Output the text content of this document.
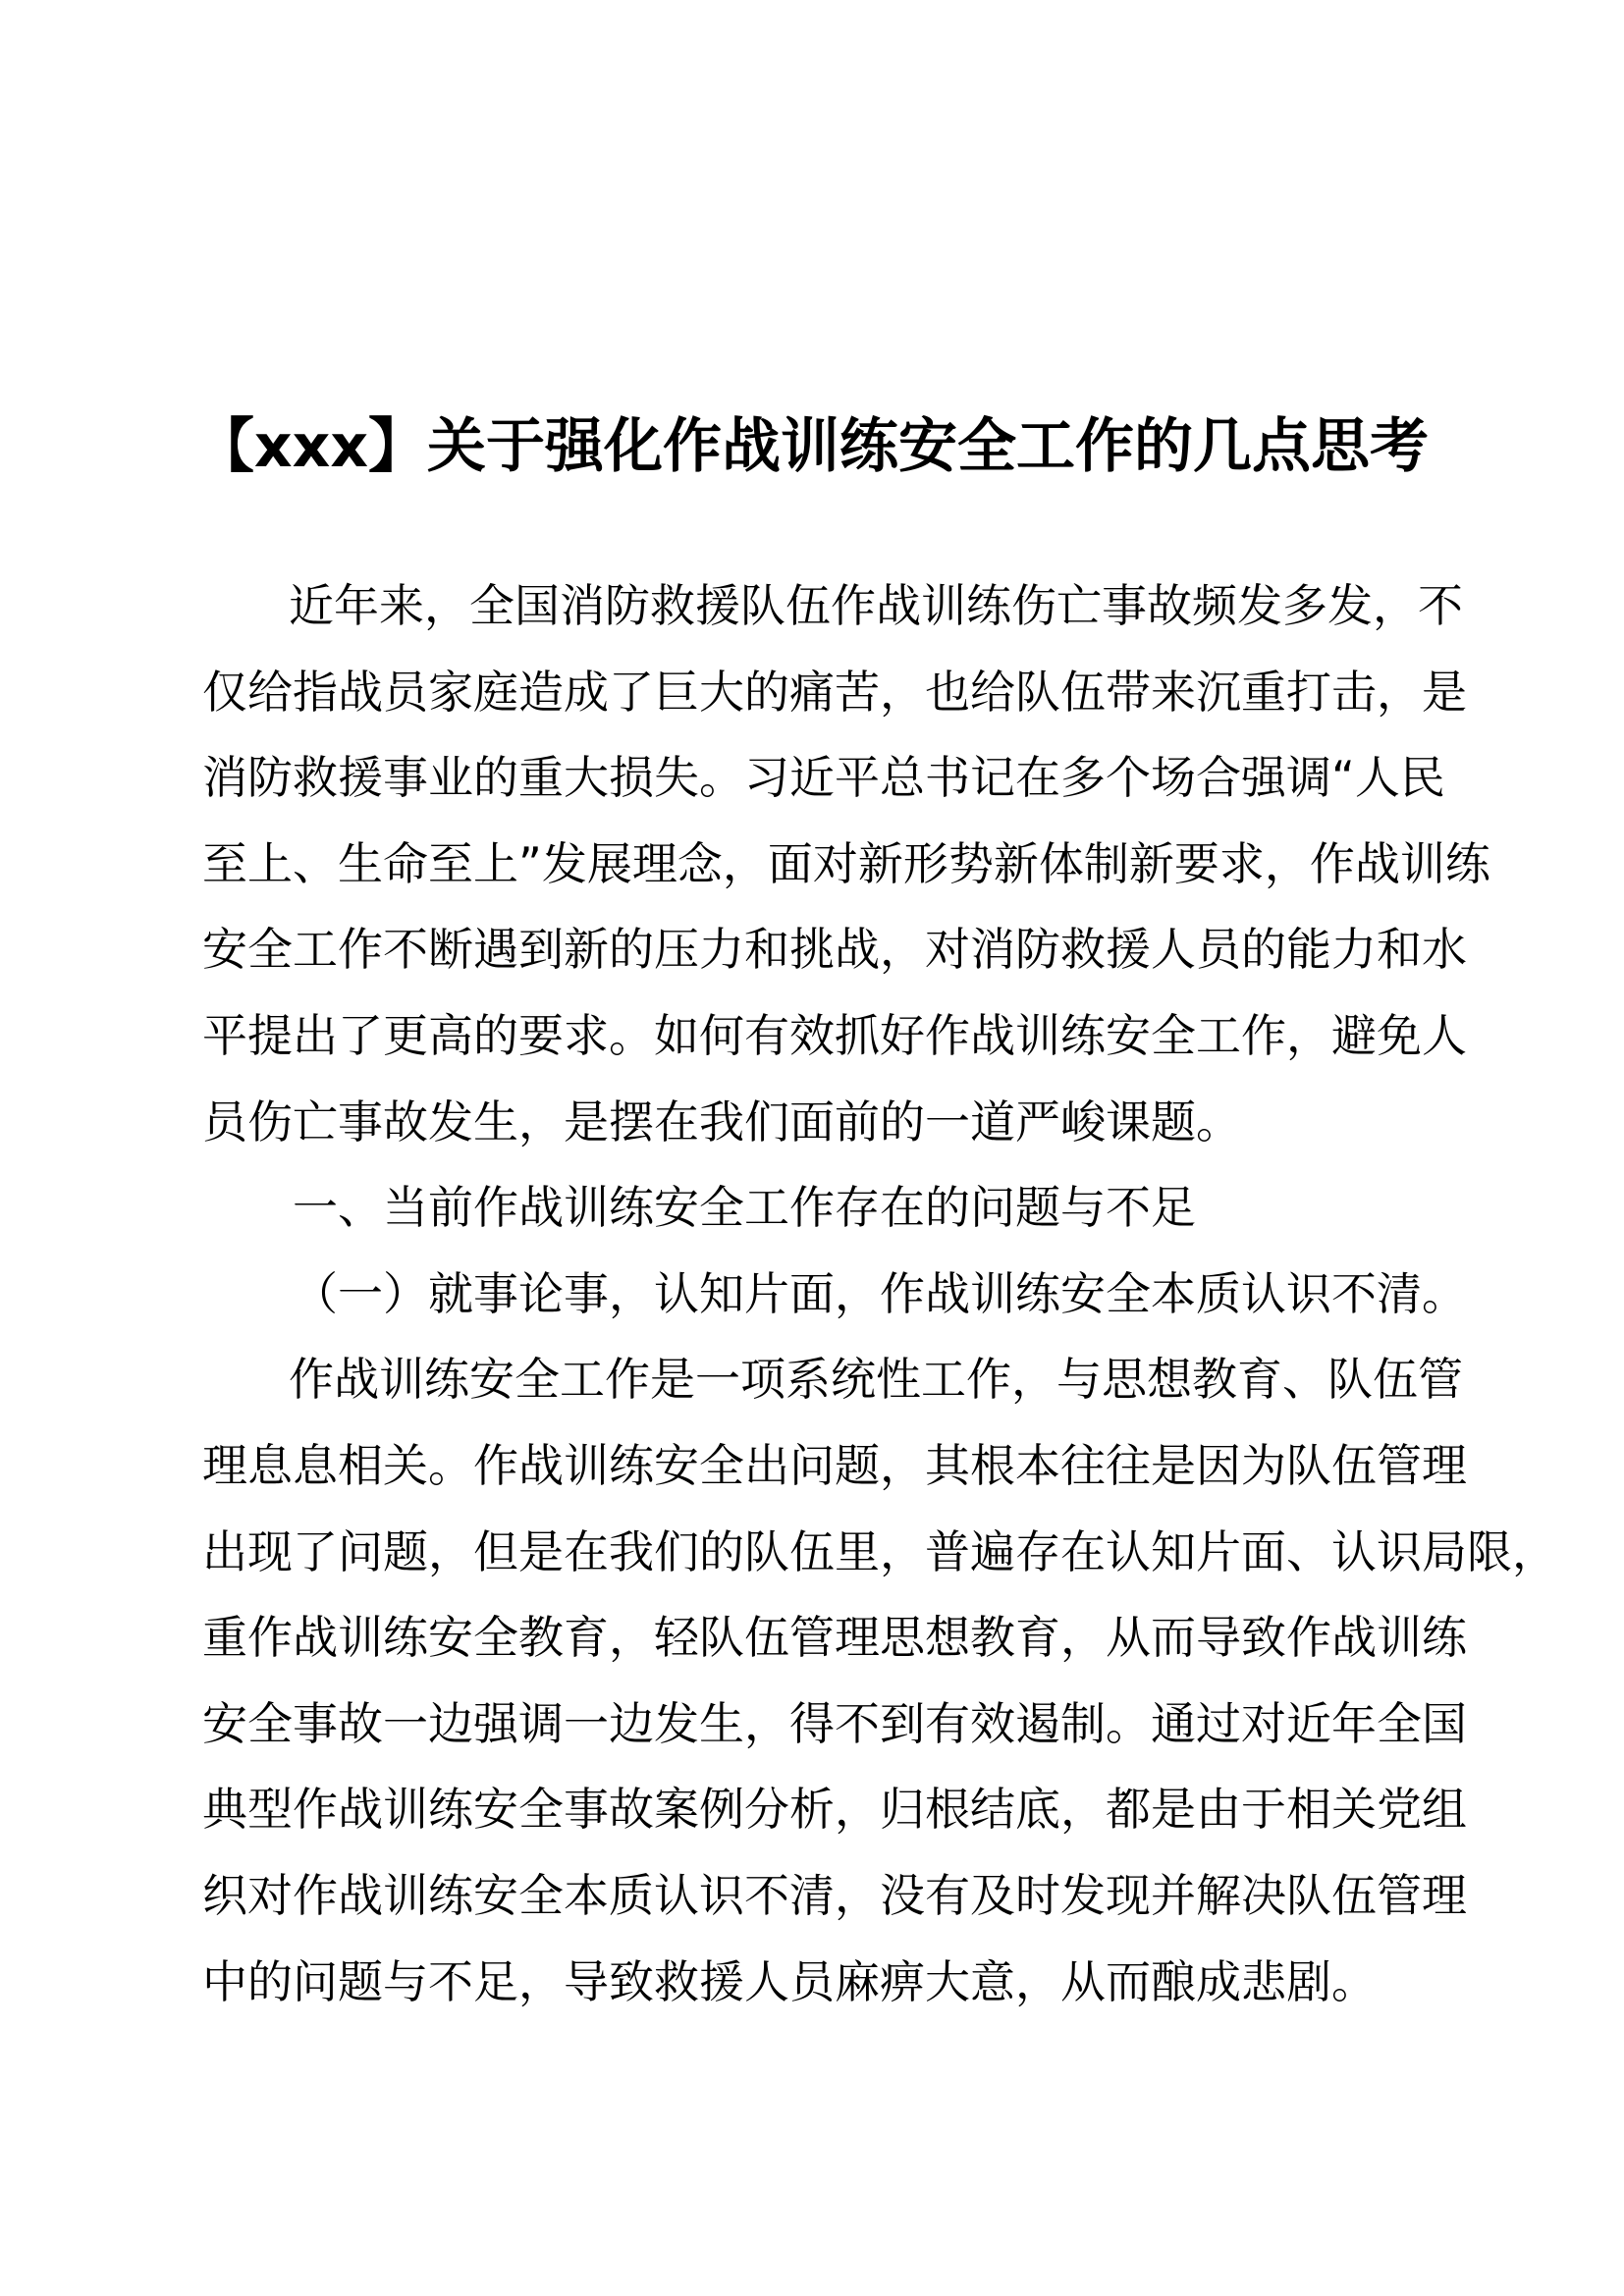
【xxx】关于强化作战训练安全工作的几点思考
近年来，全国消防救援队伍作战训练伤亡事故频发多发，不
仅给指战员家庭造成了巨大的痛苦，也给队伍带来沉重打击，是
消防救援事业的重大损失。习近平总书记在多个场合强调“人民
至上、生命至上”发展理念，面对新形势新体制新要求，作战训练
安全工作不断遇到新的压力和挑战，对消防救援人员的能力和水
平提出了更高的要求。如何有效抓好作战训练安全工作，避免人
员伤亡事故发生，是摆在我们面前的一道严峻课题。
一、当前作战训练安全工作存在的问题与不足
（一）就事论事，认知片面，作战训练安全本质认识不清。
作战训练安全工作是一项系统性工作，与思想教育、队伍管
理息息相关。作战训练安全出问题，其根本往往是因为队伍管理
出现了问题，但是在我们的队伍里，普遍存在认知片面、认识局限，
重作战训练安全教育，轻队伍管理思想教育，从而导致作战训练
安全事故一边强调一边发生，得不到有效遏制。通过对近年全国
典型作战训练安全事故案例分析，归根结底，都是由于相关党组
织对作战训练安全本质认识不清，没有及时发现并解决队伍管理
中的问题与不足，导致救援人员麻痹大意，从而酿成悲剧。
